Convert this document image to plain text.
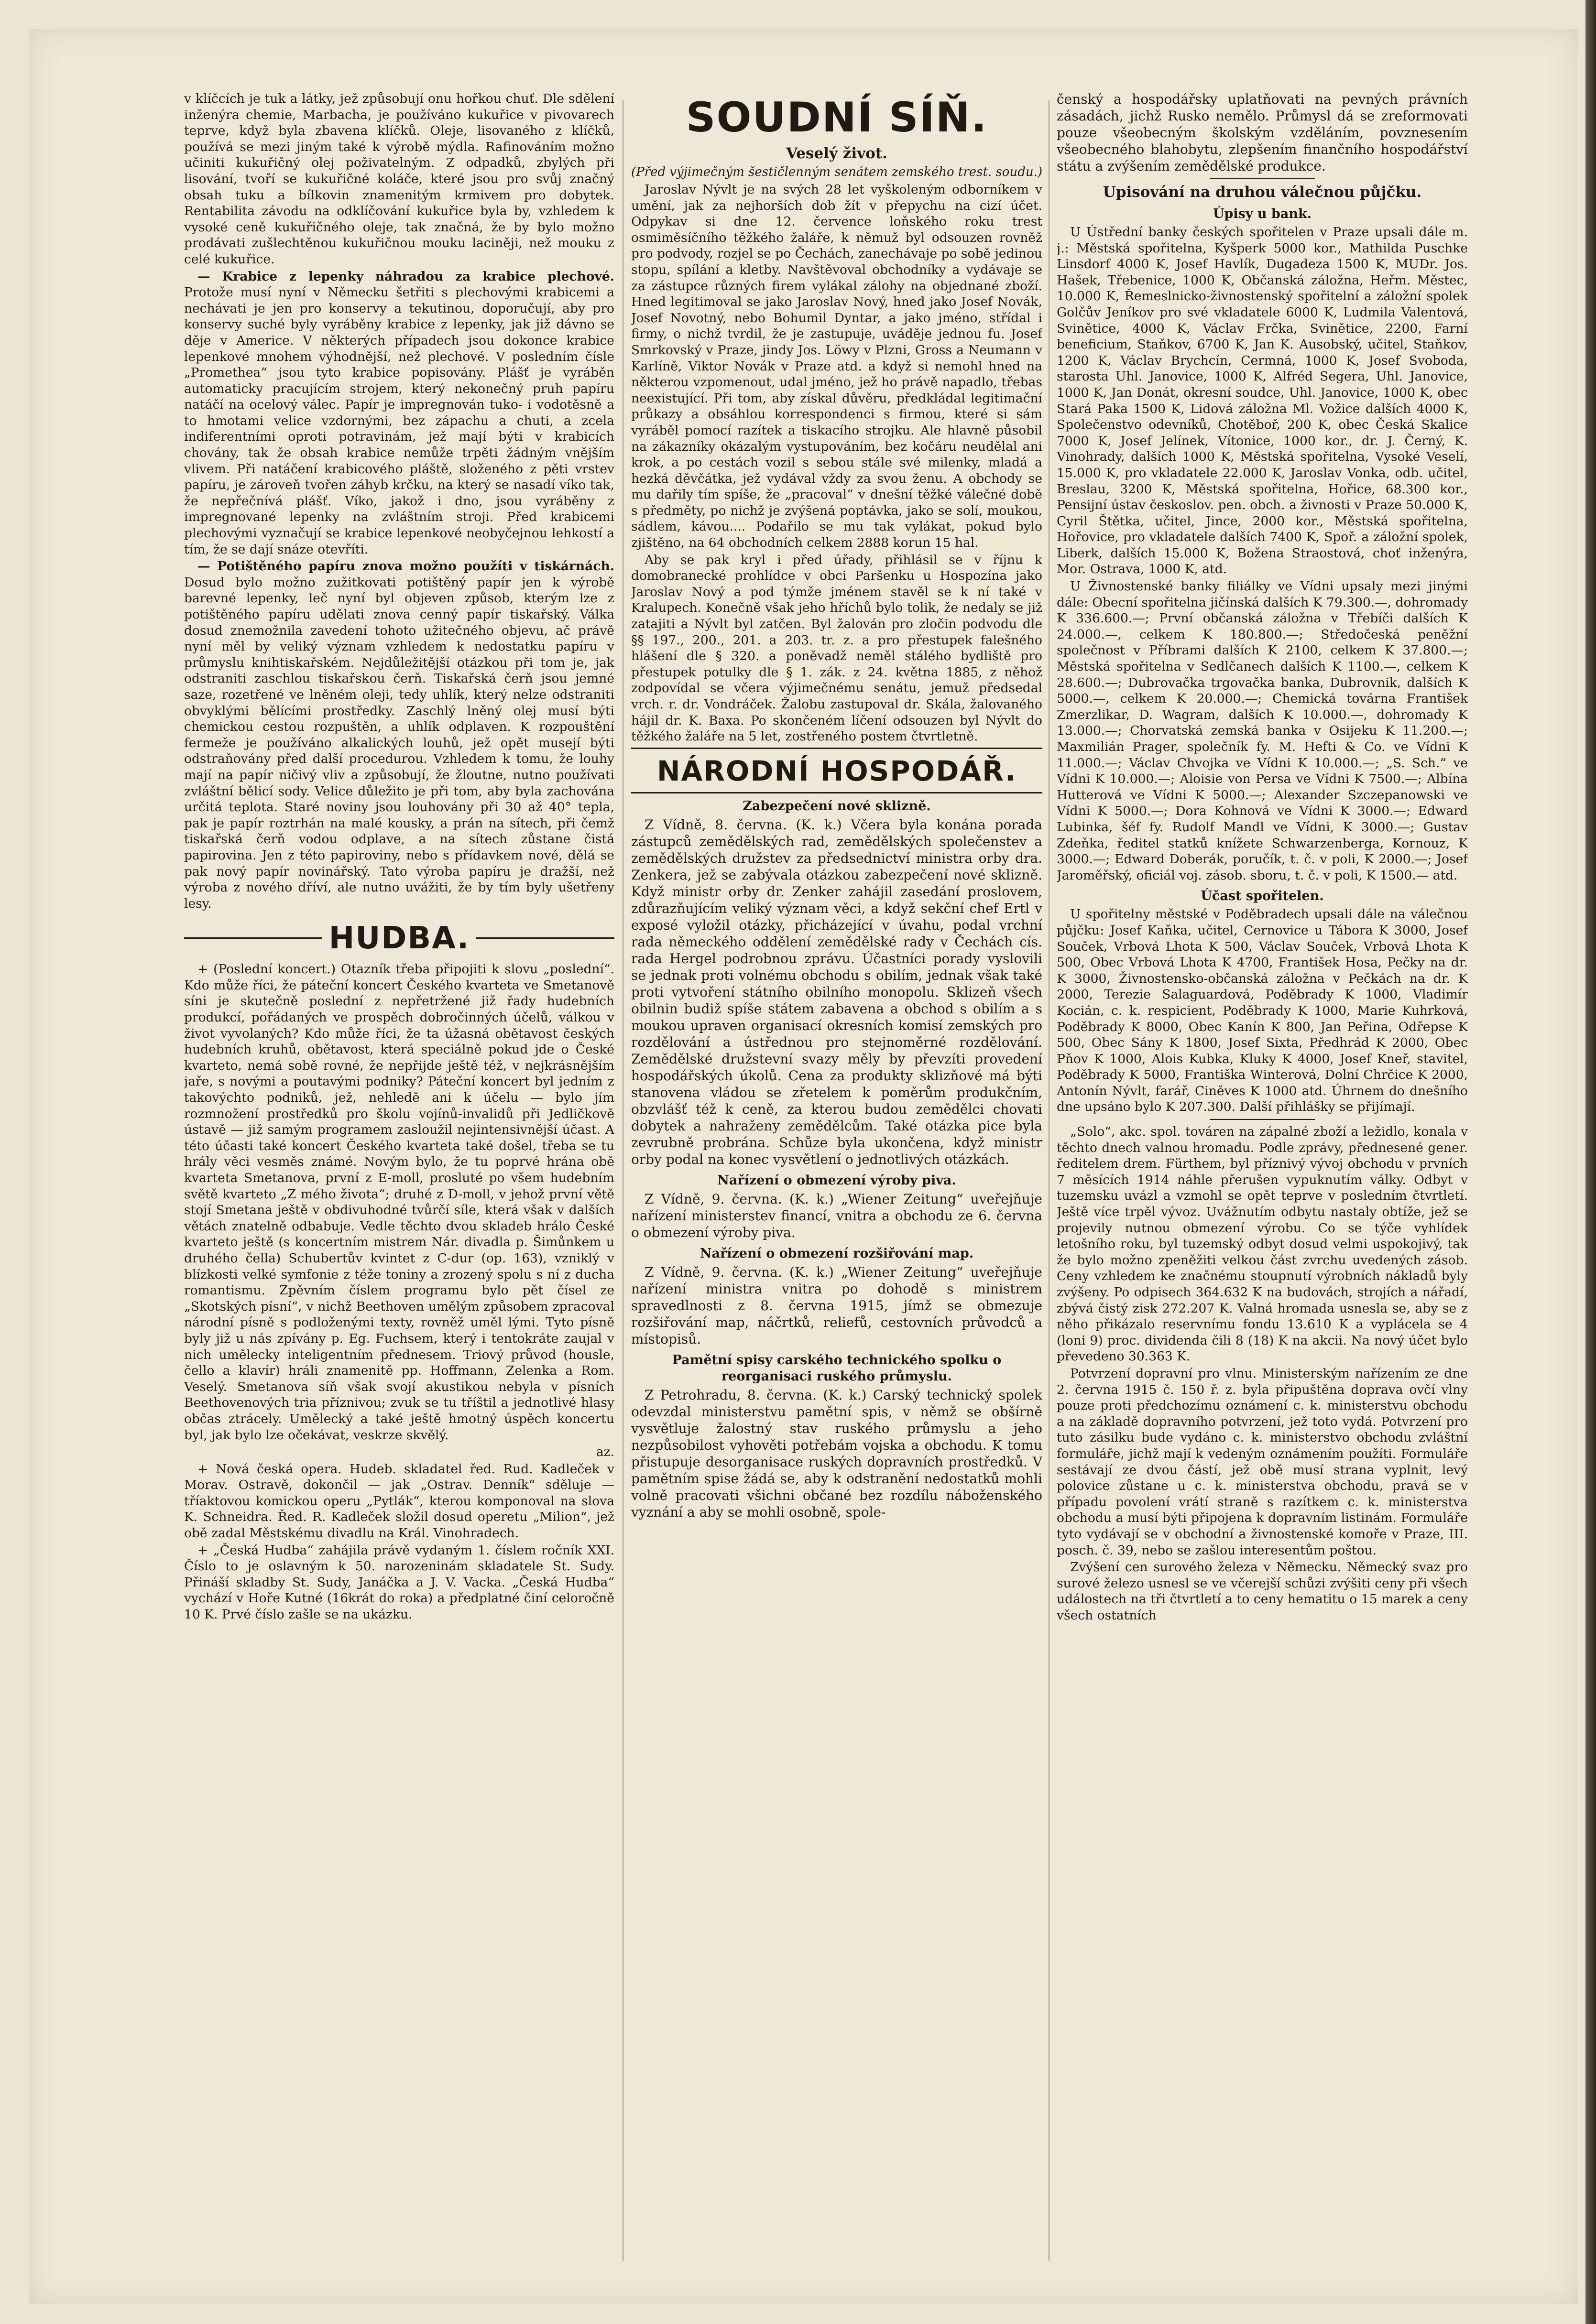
v klíčcích je tuk a látky, jež způsobují onu hořkou chuť. Dle sdělení inženýra chemie, Marbacha, je používáno kukuřice v pivovarech teprve, když byla zbavena klíčků. Oleje, lisovaného z klíčků, používá se mezi jiným také k výrobě mýdla. Rafinováním možno učiniti kukuřičný olej poživatelným. Z odpadků, zbylých při lisování, tvoří se kukuřičné koláče, které jsou pro svůj značný obsah tuku a bílkovin znamenitým krmivem pro dobytek. Rentabilita závodu na odklíčování kukuřice byla by, vzhledem k vysoké ceně kukuřičného oleje, tak značná, že by bylo možno prodávati zušlechtěnou kukuřičnou mouku laciněji, než mouku z celé kukuřice.

— Krabice z lepenky náhradou za krabice plechové. Protože musí nyní v Německu šetřiti s plechovými krabicemi a nechávati je jen pro konservy a tekutinou, doporučují, aby pro konservy suché byly vyráběny krabice z lepenky, jak již dávno se děje v Americe. V některých případech jsou dokonce krabice lepenkové mnohem výhodnější, než plechové. V posledním čísle „Prometheа“ jsou tyto krabice popisovány. Plášť je vyráběn automaticky pracujícím strojem, který nekonečný pruh papíru natáčí na ocelový válec. Papír je impregnován tuko- i vodotěsně a to hmotami velice vzdornými, bez zápachu a chuti, a zcela indiferentními oproti potravinám, jež mají býti v krabicích chovány, tak že obsah krabice nemůže trpěti žádným vnějším vlivem. Při natáčení krabicového pláště, složeného z pěti vrstev papíru, je zároveň tvořen záhyb krčku, na který se nasadí víko tak, že nepřečnívá plášť. Víko, jakož i dno, jsou vyráběny z impregnované lepenky na zvláštním stroji. Před krabicemi plechovými vyznačují se krabice lepenkové neobyčejnou lehkostí a tím, že se dají snáze otevříti.

— Potištěného papíru znova možno použíti v tiskárnách. Dosud bylo možno zužitkovati potištěný papír jen k výrobě barevné lepenky, leč nyní byl objeven způsob, kterým lze z potištěného papíru udělati znova cenný papír tiskařský. Válka dosud znemožnila zavedení tohoto užitečného objevu, ač právě nyní měl by veliký význam vzhledem k nedostatku papíru v průmyslu knihtiskařském. Nejdůležitější otázkou při tom je, jak odstraniti zaschlou tiskařskou čerň. Tiskařská čerň jsou jemné saze, rozetřené ve lněném oleji, tedy uhlík, který nelze odstraniti obvyklými bělícími prostředky. Zaschlý lněný olej musí býti chemickou cestou rozpuštěn, a uhlík odplaven. K rozpouštění fermeže je používáno alkalických louhů, jež opět musejí býti odstraňovány před další procedurou. Vzhledem k tomu, že louhy mají na papír ničivý vliv a způsobují, že žloutne, nutno používati zvláštní bělicí sody. Velice důležito je při tom, aby byla zachována určitá teplota. Staré noviny jsou louhovány při 30 až 40° tepla, pak je papír roztrhán na malé kousky, a prán na sítech, při čemž tiskařská čerň vodou odplave, a na sítech zůstane čistá papirovina. Jen z této papiroviny, nebo s přídavkem nové, dělá se pak nový papír novinářský. Tato výroba papíru je dražší, než výroba z nového dříví, ale nutno uvážiti, že by tím byly ušetřeny lesy.

HUDBA.

+ (Poslední koncert.) Otazník třeba připojiti k slovu „poslední“. Kdo může říci, že páteční koncert Českého kvarteta ve Smetanově síni je skutečně poslední z nepřetržené již řady hudebních produkcí, pořádaných ve prospěch dobročinných účelů, válkou v život vyvolaných? Kdo může říci, že ta úžasná obětavost českých hudebních kruhů, obětavost, která speciálně pokud jde o České kvarteto, nemá sobě rovné, že nepřijde ještě též, v nejkrásnějším jaře, s novými a poutavými podniky? Páteční koncert byl jedním z takovýchto podniků, jež, nehledě ani k účelu — bylo jím rozmnožení prostředků pro školu vojínů-invalidů při Jedličkově ústavě — již samým programem zasloužil nejintensivnější účast. A této účasti také koncert Českého kvarteta také došel, třeba se tu hrály věci vesměs známé. Novým bylo, že tu poprvé hrána obě kvarteta Smetanova, první z E-moll, prosluté po všem hudebním světě kvarteto „Z mého života“; druhé z D-moll, v jehož první větě stojí Smetana ještě v obdivuhodné tvůrčí síle, která však v dalších větách znatelně odbabuje. Vedle těchto dvou skladeb hrálo České kvarteto ještě (s koncertním mistrem Nár. divadla p. Šimůnkem u druhého čella) Schubertův kvintet z C-dur (op. 163), vzniklý v blízkosti velké symfonie z téže toniny a zrozený spolu s ní z ducha romantismu. Zpěvním číslem programu bylo pět čísel ze „Skotských písní“, v nichž Beethoven umělým způsobem zpracoval národní písně s podloženými texty, rovněž uměl lými. Tyto písně byly již u nás zpívány p. Eg. Fuchsem, který i tentokráte zaujal v nich umělecky inteligentním přednesem. Triový průvod (housle, čello a klavír) hráli znamenitě pp. Hoffmann, Zelenka a Rom. Veselý. Smetanova síň však svojí akustikou nebyla v písních Beethovenových tria příznivou; zvuk se tu tříštil a jednotlivé hlasy občas ztrácely. Umělecký a také ještě hmotný úspěch koncertu byl, jak bylo lze očekávat, veskrze skvělý.

az.

+ Nová česká opera. Hudeb. skladatel řed. Rud. Kadleček v Morav. Ostravě, dokončil — jak „Ostrav. Denník“ sděluje — tříaktovou komickou operu „Pytlák“, kterou komponoval na slova K. Schneidra. Řed. R. Kadleček složil dosud operetu „Milion“, jež obě zadal Městskému divadlu na Král. Vinohradech.

+ „Česká Hudba“ zahájila právě vydaným 1. číslem ročník XXI. Číslo to je oslavným k 50. narozeninám skladatele St. Sudy. Přináší skladby St. Sudy, Janáčka a J. V. Vacka. „Česká Hudba“ vychází v Hoře Kutné (16krát do roka) a předplatné činí celoročně 10 K. Prvé číslo zašle se na ukázku.

SOUDNÍ SÍŇ.
Veselý život.
(Před výjimečným šestičlenným senátem zemského trest. soudu.)

Jaroslav Nývlt je na svých 28 let vyškoleným odborníkem v umění, jak za nejhorších dob žít v přepychu na cizí účet. Odpykav si dne 12. července loňského roku trest osmiměsíčního těžkého žaláře, k němuž byl odsouzen rovněž pro podvody, rozjel se po Čechách, zanechávaje po sobě jedinou stopu, spílání a kletby. Navštěvoval obchodníky a vydávaje se za zástupce různých firem vylákal zálohy na objednané zboží. Hned legitimoval se jako Jaroslav Nový, hned jako Josef Novák, Josef Novotný, nebo Bohumil Dyntar, a jako jméno, střídal i firmy, o nichž tvrdil, že je zastupuje, uváděje jednou fu. Josef Smrkovský v Praze, jindy Jos. Löwy v Plzni, Gross a Neumann v Karlíně, Viktor Novák v Praze atd. a když si nemohl hned na některou vzpomenout, udal jméno, jež ho právě napadlo, třebas neexistující. Při tom, aby získal důvěru, předkládal legitimační průkazy a obsáhlou korrespondenci s firmou, které si sám vyráběl pomocí razítek a tiskacího strojku. Ale hlavně působil na zákazníky okázalým vystupováním, bez kočáru neudělal ani krok, a po cestách vozil s sebou stále své milenky, mladá a hezká děvčátka, jež vydával vždy za svou ženu. A obchody se mu dařily tím spíše, že „pracoval“ v dnešní těžké válečné době s předměty, po nichž je zvýšená poptávka, jako se solí, moukou, sádlem, kávou.... Podařilo se mu tak vylákat, pokud bylo zjištěno, na 64 obchodních celkem 2888 korun 15 hal.

Aby se pak kryl i před úřady, přihlásil se v říjnu k domobranecké prohlídce v obci Paršenku u Hospozína jako Jaroslav Nový a pod týmže jménem stavěl se k ní také v Kralupech. Konečně však jeho hříchů bylo tolik, že nedaly se již zatajiti a Nývlt byl zatčen. Byl žalován pro zločin podvodu dle §§ 197., 200., 201. a 203. tr. z. a pro přestupek falešného hlášení dle § 320. a poněvadž neměl stálého bydliště pro přestupek potulky dle § 1. zák. z 24. května 1885, z něhož zodpovídal se včera výjimečnému senátu, jemuž předsedal vrch. r. dr. Vondráček. Žalobu zastupoval dr. Skála, žalovaného hájil dr. K. Baxa. Po skončeném líčení odsouzen byl Nývlt do těžkého žaláře na 5 let, zostřeného postem čtvrtletně.

NÁRODNÍ HOSPODÁŘ.
Zabezpečení nové sklizně.

Z Vídně, 8. června. (K. k.) Včera byla konána porada zástupců zemědělských rad, zemědělských společenstev a zemědělských družstev za předsednictví ministra orby dra. Zenkera, jež se zabývala otázkou zabezpečení nové sklizně. Když ministr orby dr. Zenker zahájil zasedání proslovem, zdůrazňujícím veliký význam věci, a když sekční chef Ertl v exposé vyložil otázky, přicházející v úvahu, podal vrchní rada německého oddělení zemědělské rady v Čechách cís. rada Hergel podrobnou zprávu. Účastníci porady vyslovili se jednak proti volnému obchodu s obilím, jednak však také proti vytvoření státního obilního monopolu. Sklizeň všech obilnin budiž spíše státem zabavena a obchod s obilím a s moukou upraven organisací okresních komisí zemských pro rozdělování a ústřednou pro stejnoměrné rozdělování. Zemědělské družstevní svazy měly by převzíti provedení hospodářských úkolů. Cena za produkty sklizňové má býti stanovena vládou se zřetelem k poměrům produkčním, obzvlášť též k ceně, za kterou budou zemědělci chovati dobytek a nahraženy zemědělcům. Také otázka pice byla zevrubně probrána. Schůze byla ukončena, když ministr orby podal na konec vysvětlení o jednotlivých otázkách.

Nařízení o obmezení výroby piva.

Z Vídně, 9. června. (K. k.) „Wiener Zeitung“ uveřejňuje nařízení ministerstev financí, vnitra a obchodu ze 6. června o obmezení výroby piva.

Nařízení o obmezení rozšiřování map.

Z Vídně, 9. června. (K. k.) „Wiener Zeitung“ uveřejňuje nařízení ministra vnitra po dohodě s ministrem spravedlnosti z 8. června 1915, jímž se obmezuje rozšiřování map, náčrtků, reliefů, cestovních průvodců a místopisů.

Pamětní spisy carského technického spolku o reorganisaci ruského průmyslu.

Z Petrohradu, 8. června. (K. k.) Carský technický spolek odevzdal ministerstvu pamětní spis, v němž se obšírně vysvětluje žalostný stav ruského průmyslu a jeho nezpůsobilost vyhověti potřebám vojska a obchodu. K tomu přistupuje desorganisace ruských dopravních prostředků. V pamětním spise žádá se, aby k odstranění nedostatků mohli volně pracovati všichni občané bez rozdílu náboženského vyznání a aby se mohli osobně, spole-

čenský a hospodářsky uplatňovati na pevných právních zásadách, jichž Rusko nemělo. Průmysl dá se zreformovati pouze všeobecným školským vzděláním, povznesením všeobecného blahobytu, zlepšením finančního hospodářství státu a zvýšením zemědělské produkce.

Upisování na druhou válečnou půjčku.
Úpisy u bank.

U Ústřední banky českých spořitelen v Praze upsali dále m. j.: Městská spořitelna, Kyšperk 5000 kor., Mathilda Puschke Linsdorf 4000 K, Josef Havlík, Dugadeza 1500 K, MUDr. Jos. Hašek, Třebenice, 1000 K, Občanská záložna, Heřm. Městec, 10.000 K, Řemeslnicko-živnostenský spořitelní a záložní spolek Golčův Jeníkov pro své vkladatele 6000 K, Ludmila Valentová, Svinětice, 4000 K, Václav Frčka, Svinětice, 2200, Farní beneficium, Staňkov, 6700 K, Jan K. Ausobský, učitel, Staňkov, 1200 K, Václav Brychcín, Cermná, 1000 K, Josef Svoboda, starosta Uhl. Janovice, 1000 K, Alfréd Segera, Uhl. Janovice, 1000 K, Jan Donát, okresní soudce, Uhl. Janovice, 1000 K, obec Stará Paka 1500 K, Lidová záložna Ml. Vožice dalších 4000 K, Společenstvo odevníků, Chotěboř, 200 K, obec Česká Skalice 7000 K, Josef Jelínek, Vítonice, 1000 kor., dr. J. Černý, K. Vinohrady, dalších 1000 K, Městská spořitelna, Vysoké Veselí, 15.000 K, pro vkladatele 22.000 K, Jaroslav Vonka, odb. učitel, Breslau, 3200 K, Městská spořitelna, Hořice, 68.300 kor., Pensijní ústav českoslov. pen. obch. a živnosti v Praze 50.000 K, Cyril Štětka, učitel, Jince, 2000 kor., Městská spořitelna, Hořovice, pro vkladatele dalších 7400 K, Spoř. a záložní spolek, Liberk, dalších 15.000 K, Božena Straostová, choť inženýra, Mor. Ostrava, 1000 K, atd.

U Živnostenské banky filiálky ve Vídni upsaly mezi jinými dále: Obecní spořitelna jičínská dalších K 79.300.—, dohromady K 336.600.—; První občanská záložna v Třebíči dalších K 24.000.—, celkem K 180.800.—; Středočeská peněžní společnost v Příbrami dalších K 2100, celkem K 37.800.—; Městská spořitelna v Sedlčanech dalších K 1100.—, celkem K 28.600.—; Dubrovačka trgovačka banka, Dubrovnik, dalších K 5000.—, celkem K 20.000.—; Chemická továrna František Zmerzlikar, D. Wagram, dalších K 10.000.—, dohromady K 13.000.—; Chorvatská zemská banka v Osijeku K 11.200.—; Maxmilián Prager, společník fy. M. Hefti & Co. ve Vídni K 11.000.—; Václav Chvojka ve Vídni K 10.000.—; „S. Sch.“ ve Vídni K 10.000.—; Aloisie von Persa ve Vídni K 7500.—; Albína Hutterová ve Vídni K 5000.—; Alexander Szczepanowski ve Vídni K 5000.—; Dora Kohnová ve Vídni K 3000.—; Edward Lubinka, šéf fy. Rudolf Mandl ve Vídni, K 3000.—; Gustav Zdeňka, ředitel statků knížete Schwarzenberga, Kornouz, K 3000.—; Edward Doberák, poručík, t. č. v poli, K 2000.—; Josef Jaroměřský, oficiál voj. zásob. sboru, t. č. v poli, K 1500.— atd.

Účast spořitelen.

U spořitelny městské v Poděbradech upsali dále na válečnou půjčku: Josef Kaňka, učitel, Cernovice u Tábora K 3000, Josef Souček, Vrbová Lhota K 500, Václav Souček, Vrbová Lhota K 500, Obec Vrbová Lhota K 4700, František Hosa, Pečky na dr. K 3000, Živnostensko-občanská záložna v Pečkách na dr. K 2000, Terezie Salaguardová, Poděbrady K 1000, Vladimír Kocián, c. k. respicient, Poděbrady K 1000, Marie Kuhrková, Poděbrady K 8000, Obec Kanín K 800, Jan Peřina, Odřepse K 500, Obec Sány K 1800, Josef Sixta, Předhrád K 2000, Obec Pňov K 1000, Alois Kubka, Kluky K 4000, Josef Kneř, stavitel, Poděbrady K 5000, Františka Winterová, Dolní Chrčice K 2000, Antonín Nývlt, farář, Ciněves K 1000 atd. Úhrnem do dnešního dne upsáno bylo K 207.300. Další přihlášky se přijímají.

„Solo“, akc. spol. továren na zápalné zboží a ležidlo, konala v těchto dnech valnou hromadu. Podle zprávy, přednesené gener. ředitelem drem. Fürthem, byl příznivý vývoj obchodu v prvních 7 měsících 1914 náhle přerušen vypuknutím války. Odbyt v tuzemsku uvázl a vzmohl se opět teprve v posledním čtvrtletí. Ještě více trpěl vývoz. Uvážnutím odbytu nastaly obtíže, jež se projevily nutnou obmezení výrobu. Co se týče vyhlídek letošního roku, byl tuzemský odbyt dosud velmi uspokojivý, tak že bylo možno zpeněžiti velkou část zvrchu uvedených zásob. Ceny vzhledem ke značnému stoupnutí výrobních nákladů byly zvýšeny. Po odpisech 364.632 K na budovách, strojích a nářadí, zbývá čistý zisk 272.207 K. Valná hromada usnesla se, aby se z něho přikázalo reservnímu fondu 13.610 K a vyplácela se 4 (loni 9) proc. dividenda čili 8 (18) K na akcii. Na nový účet bylo převedeno 30.363 K.

Potvrzení dopravní pro vlnu. Ministerským nařízením ze dne 2. června 1915 č. 150 ř. z. byla připuštěna doprava ovčí vlny pouze proti předchozímu oznámení c. k. ministerstvu obchodu a na základě dopravního potvrzení, jež toto vydá. Potvrzení pro tuto zásilku bude vydáno c. k. ministerstvo obchodu zvláštní formuláře, jichž mají k vedeným oznámením použíti. Formuláře sestávají ze dvou částí, jež obě musí strana vyplnit, levý polovice zůstane u c. k. ministerstva obchodu, pravá se v případu povolení vrátí straně s razítkem c. k. ministerstva obchodu a musí býti připojena k dopravním listinám. Formuláře tyto vydávají se v obchodní a živnostenské komoře v Praze, III. posch. č. 39, nebo se zašlou interesentům poštou.

Zvýšení cen surového železa v Německu. Německý svaz pro surové železo usnesl se ve včerejší schůzi zvýšiti ceny při všech událostech na tři čtvrtletí a to ceny hematitu o 15 marek a ceny všech ostatních
